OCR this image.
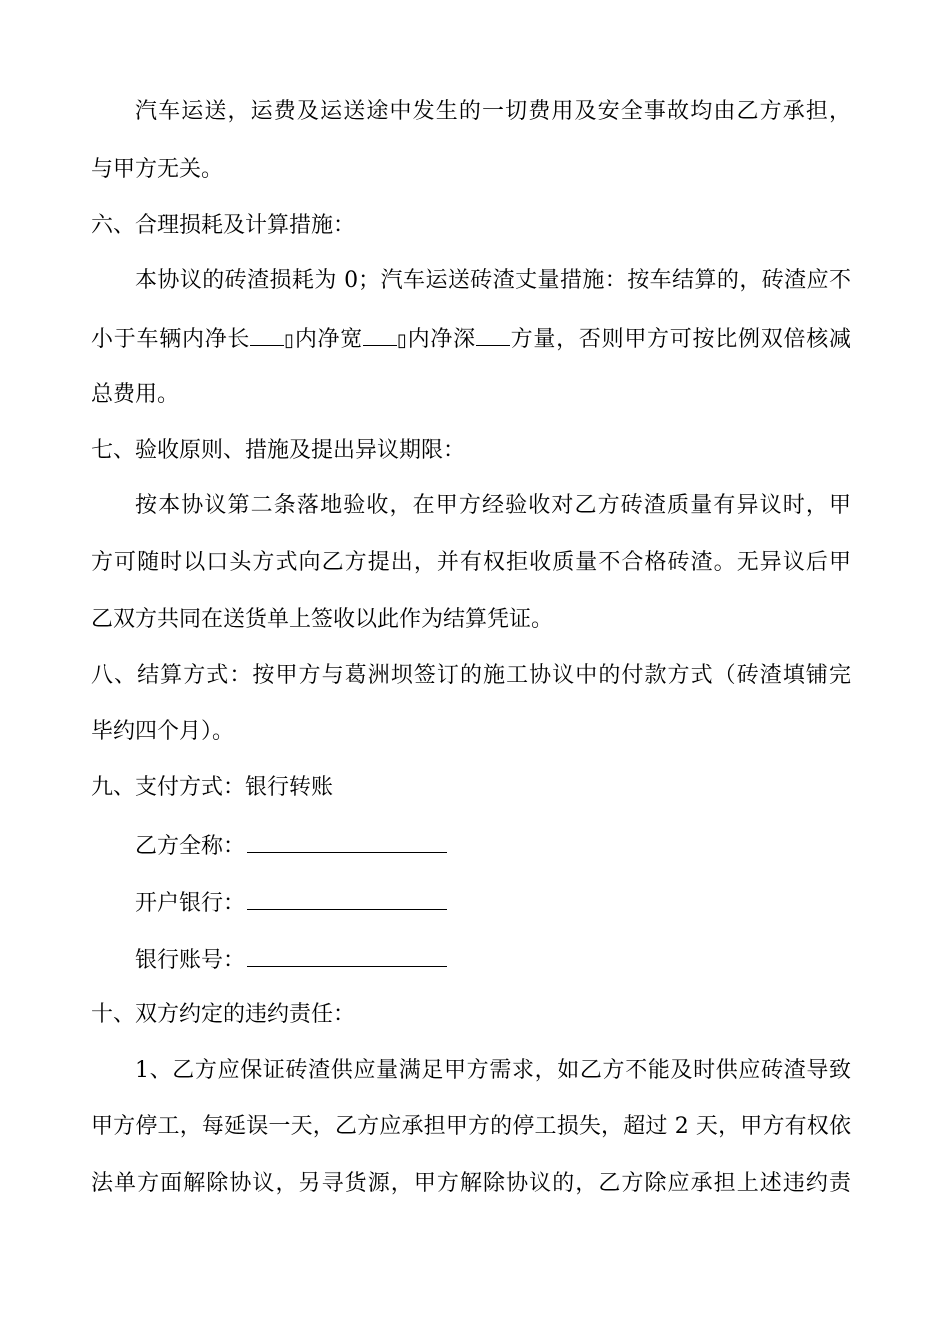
汽车运送，运费及运送途中发生的一切费用及安全事故均由乙方承担，
与甲方无关。
六、合理损耗及计算措施：
本协议的砖渣损耗为 0；汽车运送砖渣丈量措施：按车结算的，砖渣应不
小于车辆内净长 ▯内净宽 ▯内净深 方量，否则甲方可按比例双倍核减
总费用。
七、验收原则、措施及提出异议期限：
按本协议第二条落地验收，在甲方经验收对乙方砖渣质量有异议时，甲
方可随时以口头方式向乙方提出，并有权拒收质量不合格砖渣。无异议后甲
乙双方共同在送货单上签收以此作为结算凭证。
八、结算方式：按甲方与葛洲坝签订的施工协议中的付款方式（砖渣填铺完
毕约四个月）。
九、支付方式：银行转账
乙方全称：
开户银行：
银行账号：
十、双方约定的违约责任：
1、乙方应保证砖渣供应量满足甲方需求，如乙方不能及时供应砖渣导致
甲方停工，每延误一天，乙方应承担甲方的停工损失，超过 2 天，甲方有权依
法单方面解除协议，另寻货源，甲方解除协议的，乙方除应承担上述违约责
